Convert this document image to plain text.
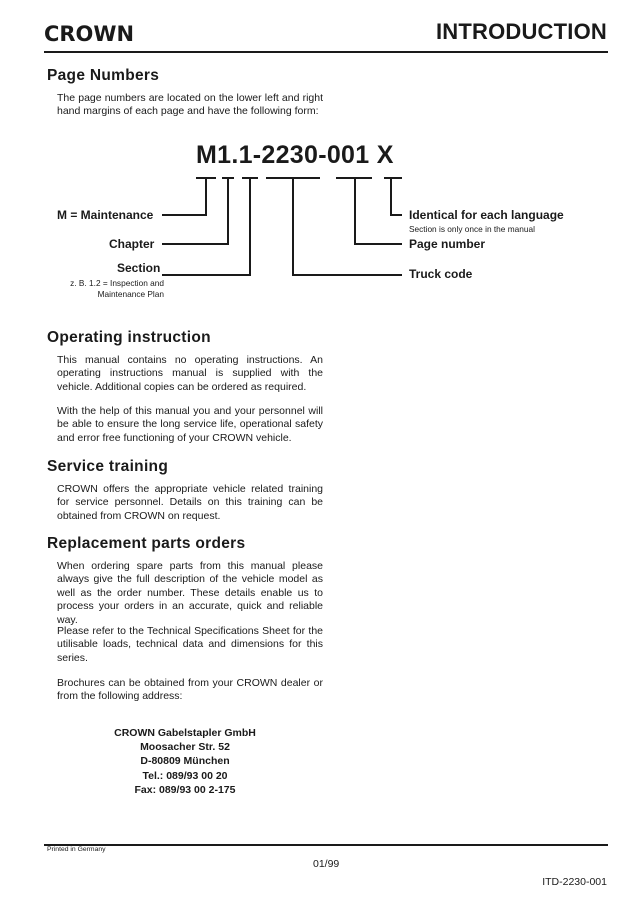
CROWN	INTRODUCTION
Page Numbers
The page numbers are located on the lower left and right hand margins of each page and have the following form:
M1.1-2230-001 X
M = Maintenance
Chapter
Section
z. B. 1.2 = Inspection and
Maintenance Plan
Identical for each language
Section is only once in the manual
Page number
Truck code
Operating instruction
This manual contains no operating instructions. An operating instructions manual is supplied with the vehicle. Additional copies can be ordered as required.
With the help of this manual you and your personnel will be able to ensure the long service life, operational safety and error free functioning of your CROWN vehicle.
Service training
CROWN offers the appropriate vehicle related training for service personnel. Details on this training can be obtained from CROWN on request.
Replacement parts orders
When ordering spare parts from this manual please always give the full description of the vehicle model as well as the order number. These details enable us to process your orders in an accurate, quick and reliable way.
Please refer to the Technical Specifications Sheet for the utilisable loads, technical data and dimensions for this series.
Brochures can be obtained from your CROWN dealer or from the following address:
CROWN Gabelstapler GmbH
Moosacher Str. 52
D-80809 München
Tel.: 089/93 00 20
Fax: 089/93 00 2-175
Printed in Germany
01/99
ITD-2230-001
